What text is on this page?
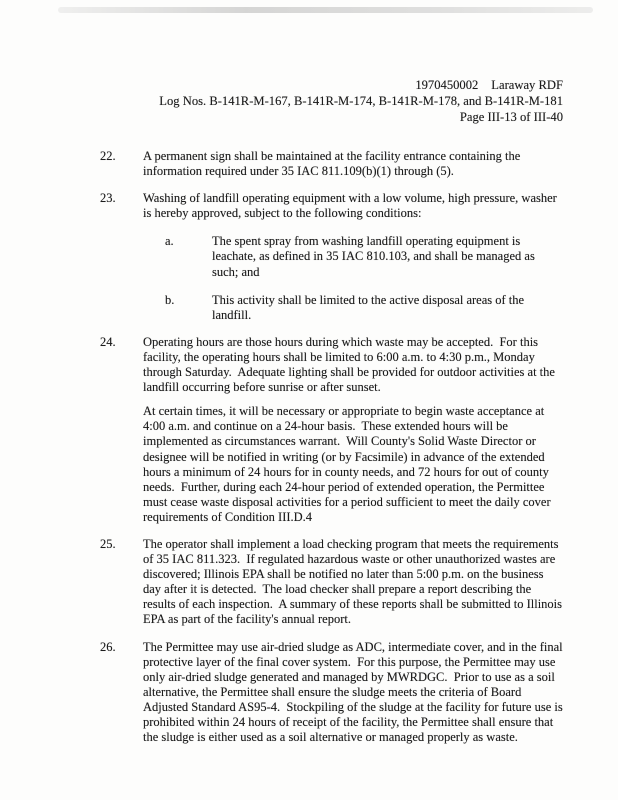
1970450002 Laraway RDF
Log Nos. B-141R-M-167, B-141R-M-174, B-141R-M-178, and B-141R-M-181
Page III-13 of III-40
22.	A permanent sign shall be maintained at the facility entrance containing the information required under 35 IAC 811.109(b)(1) through (5).
23.	Washing of landfill operating equipment with a low volume, high pressure, washer is hereby approved, subject to the following conditions:
a.	The spent spray from washing landfill operating equipment is leachate, as defined in 35 IAC 810.103, and shall be managed as such; and
b.	This activity shall be limited to the active disposal areas of the landfill.
24.	Operating hours are those hours during which waste may be accepted.  For this facility, the operating hours shall be limited to 6:00 a.m. to 4:30 p.m., Monday through Saturday.  Adequate lighting shall be provided for outdoor activities at the landfill occurring before sunrise or after sunset.
At certain times, it will be necessary or appropriate to begin waste acceptance at 4:00 a.m. and continue on a 24-hour basis.  These extended hours will be implemented as circumstances warrant.  Will County's Solid Waste Director or designee will be notified in writing (or by Facsimile) in advance of the extended hours a minimum of 24 hours for in county needs, and 72 hours for out of county needs.  Further, during each 24-hour period of extended operation, the Permittee must cease waste disposal activities for a period sufficient to meet the daily cover requirements of Condition III.D.4
25.	The operator shall implement a load checking program that meets the requirements of 35 IAC 811.323.  If regulated hazardous waste or other unauthorized wastes are discovered; Illinois EPA shall be notified no later than 5:00 p.m. on the business day after it is detected.  The load checker shall prepare a report describing the results of each inspection.  A summary of these reports shall be submitted to Illinois EPA as part of the facility's annual report.
26.	The Permittee may use air-dried sludge as ADC, intermediate cover, and in the final protective layer of the final cover system.  For this purpose, the Permittee may use only air-dried sludge generated and managed by MWRDGC.  Prior to use as a soil alternative, the Permittee shall ensure the sludge meets the criteria of Board Adjusted Standard AS95-4.  Stockpiling of the sludge at the facility for future use is prohibited within 24 hours of receipt of the facility, the Permittee shall ensure that the sludge is either used as a soil alternative or managed properly as waste.
